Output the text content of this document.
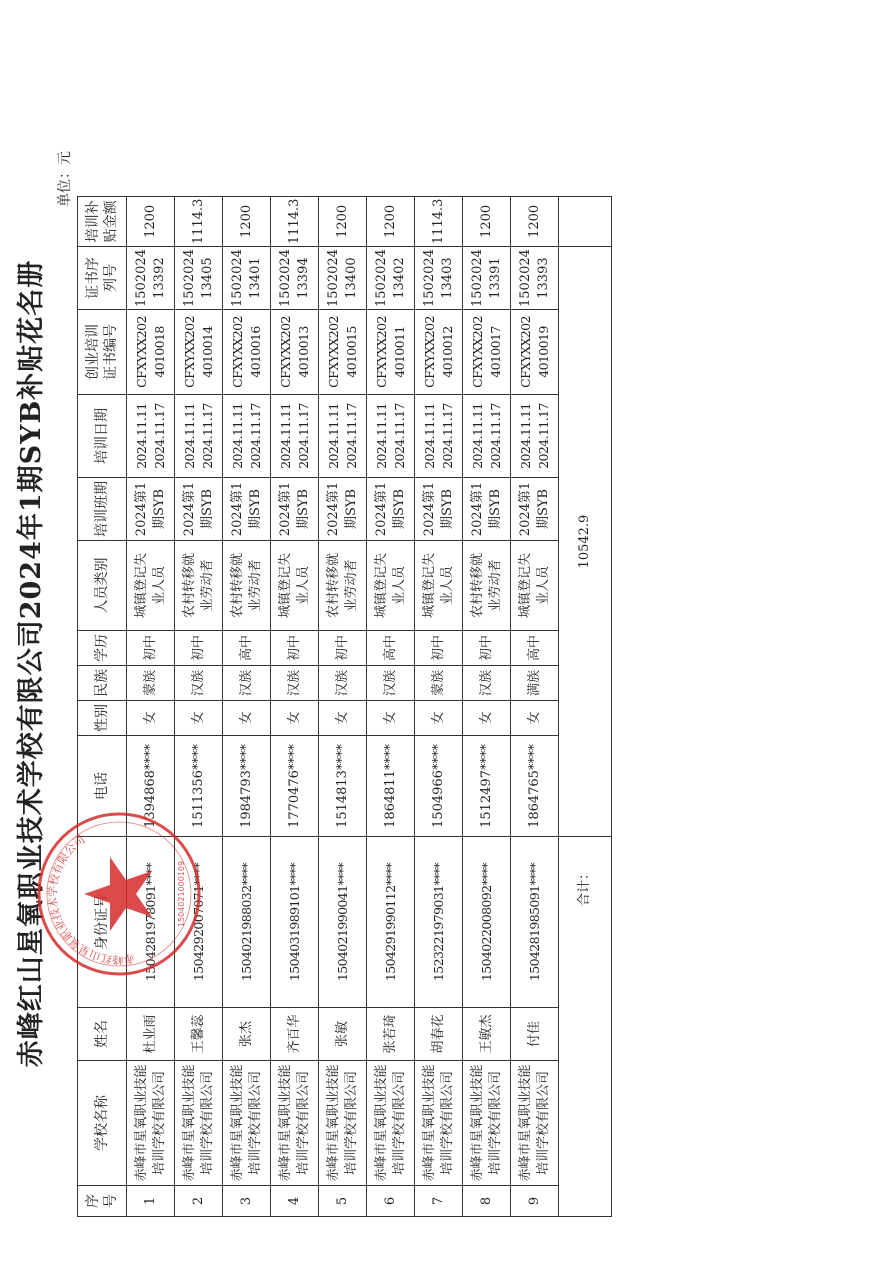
赤峰红山星氧职业技术学校有限公司2024年1期SYB补贴花名册
单位：元
序号	学校名称	姓名	身份证号	电话	性别	民族	学历	人员类别	培训班期	培训日期	创业培训
证书编号	证书序
列号	培训补
贴金额
1	赤峰市星氧职业技能
培训学校有限公司	杜业雨	1504281978091****	1394868****	女	蒙族	初中	城镇登记失
业人员	2024第1
期SYB	2024.11.11
2024.11.17	CFXYXX202
4010018	1502024
13392	1200
2	赤峰市星氧职业技能
培训学校有限公司	王馨蕊	1504292007071****	1511356****	女	汉族	初中	农村转移就
业劳动者	2024第1
期SYB	2024.11.11
2024.11.17	CFXYXX202
4010014	1502024
13405	1114.3
3	赤峰市星氧职业技能
培训学校有限公司	张杰	1504021988032****	1984793****	女	汉族	高中	农村转移就
业劳动者	2024第1
期SYB	2024.11.11
2024.11.17	CFXYXX202
4010016	1502024
13401	1200
4	赤峰市星氧职业技能
培训学校有限公司	齐百华	1504031989101****	1770476****	女	汉族	初中	城镇登记失
业人员	2024第1
期SYB	2024.11.11
2024.11.17	CFXYXX202
4010013	1502024
13394	1114.3
5	赤峰市星氧职业技能
培训学校有限公司	张敏	1504021990041****	1514813****	女	汉族	初中	农村转移就
业劳动者	2024第1
期SYB	2024.11.11
2024.11.17	CFXYXX202
4010015	1502024
13400	1200
6	赤峰市星氧职业技能
培训学校有限公司	张若琦	1504291990112****	1864811****	女	汉族	高中	城镇登记失
业人员	2024第1
期SYB	2024.11.11
2024.11.17	CFXYXX202
4010011	1502024
13402	1200
7	赤峰市星氧职业技能
培训学校有限公司	胡春花	1523221979031****	1504966****	女	蒙族	初中	城镇登记失
业人员	2024第1
期SYB	2024.11.11
2024.11.17	CFXYXX202
4010012	1502024
13403	1114.3
8	赤峰市星氧职业技能
培训学校有限公司	王敏杰	1504022008092****	1512497****	女	汉族	初中	农村转移就
业劳动者	2024第1
期SYB	2024.11.11
2024.11.17	CFXYXX202
4010017	1502024
13391	1200
9	赤峰市星氧职业技能
培训学校有限公司	付佳	1504281985091****	1864765****	女	满族	高中	城镇登记失
业人员	2024第1
期SYB	2024.11.11
2024.11.17	CFXYXX202
4010019	1502024
13393	1200
合计：				10542.9									
赤峰红山星氧职业技术学校有限公司
1504021000109
